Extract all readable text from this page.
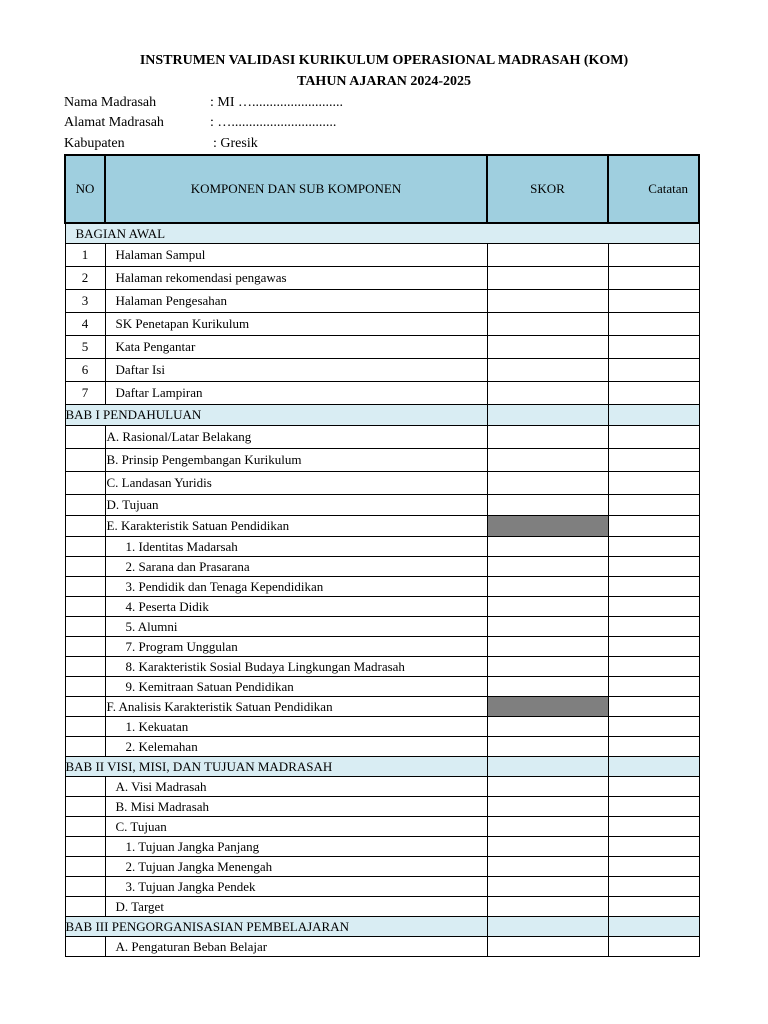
INSTRUMEN VALIDASI KURIKULUM OPERASIONAL MADRASAH (KOM)
TAHUN AJARAN 2024-2025
Nama Madrasah	: MI …..........................
Alamat Madrasah	: …..............................
Kabupaten	: Gresik
NO	KOMPONEN DAN SUB KOMPONEN	SKOR	Catatan
BAGIAN AWAL			
1	Halaman Sampul		
2	Halaman rekomendasi pengawas		
3	Halaman Pengesahan		
4	SK Penetapan Kurikulum		
5	Kata Pengantar		
6	Daftar Isi		
7	Daftar Lampiran		
BAB I PENDAHULUAN			
	A. Rasional/Latar Belakang		
	B. Prinsip Pengembangan Kurikulum		
	C. Landasan Yuridis		
	D. Tujuan		
	E. Karakteristik Satuan Pendidikan		
	1. Identitas Madarsah		
	2. Sarana dan Prasarana		
	3. Pendidik dan Tenaga Kependidikan		
	4. Peserta Didik		
	5. Alumni		
	7. Program Unggulan		
	8. Karakteristik Sosial Budaya Lingkungan Madrasah		
	9. Kemitraan Satuan Pendidikan		
	F. Analisis Karakteristik Satuan Pendidikan		
	1. Kekuatan		
	2. Kelemahan		
BAB II VISI, MISI, DAN TUJUAN MADRASAH			
	A. Visi Madrasah		
	B. Misi Madrasah		
	C. Tujuan		
	1. Tujuan Jangka Panjang		
	2. Tujuan Jangka Menengah		
	3. Tujuan Jangka Pendek		
	D. Target		
BAB III PENGORGANISASIAN PEMBELAJARAN			
	A. Pengaturan Beban Belajar		
